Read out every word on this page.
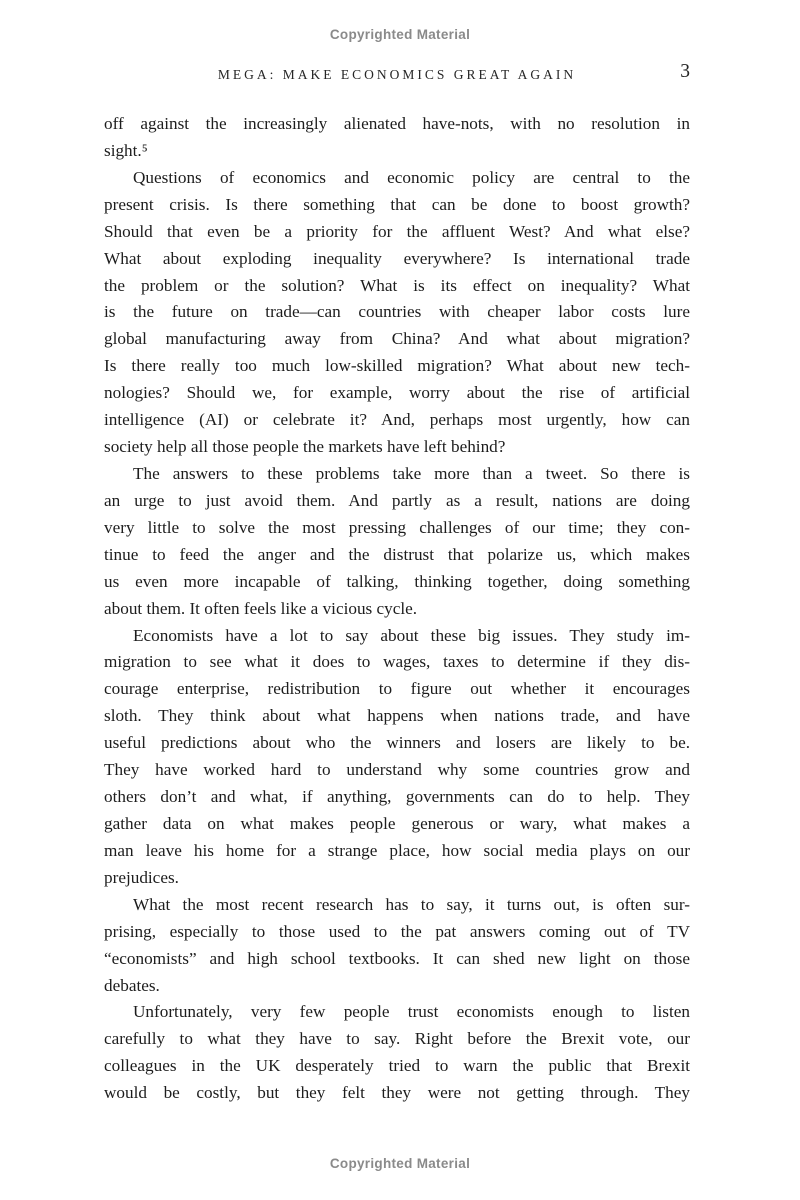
Copyrighted Material
MEGA: MAKE ECONOMICS GREAT AGAIN	3
off against the increasingly alienated have-nots, with no resolution in
sight.⁵
Questions of economics and economic policy are central to the
present crisis. Is there something that can be done to boost growth?
Should that even be a priority for the affluent West? And what else?
What about exploding inequality everywhere? Is international trade
the problem or the solution? What is its effect on inequality? What
is the future on trade—can countries with cheaper labor costs lure
global manufacturing away from China? And what about migration?
Is there really too much low-skilled migration? What about new tech-
nologies? Should we, for example, worry about the rise of artificial
intelligence (AI) or celebrate it? And, perhaps most urgently, how can
society help all those people the markets have left behind?
The answers to these problems take more than a tweet. So there is
an urge to just avoid them. And partly as a result, nations are doing
very little to solve the most pressing challenges of our time; they con-
tinue to feed the anger and the distrust that polarize us, which makes
us even more incapable of talking, thinking together, doing something
about them. It often feels like a vicious cycle.
Economists have a lot to say about these big issues. They study im-
migration to see what it does to wages, taxes to determine if they dis-
courage enterprise, redistribution to figure out whether it encourages
sloth. They think about what happens when nations trade, and have
useful predictions about who the winners and losers are likely to be.
They have worked hard to understand why some countries grow and
others don’t and what, if anything, governments can do to help. They
gather data on what makes people generous or wary, what makes a
man leave his home for a strange place, how social media plays on our
prejudices.
What the most recent research has to say, it turns out, is often sur-
prising, especially to those used to the pat answers coming out of TV
“economists” and high school textbooks. It can shed new light on those
debates.
Unfortunately, very few people trust economists enough to listen
carefully to what they have to say. Right before the Brexit vote, our
colleagues in the UK desperately tried to warn the public that Brexit
would be costly, but they felt they were not getting through. They
Copyrighted Material
